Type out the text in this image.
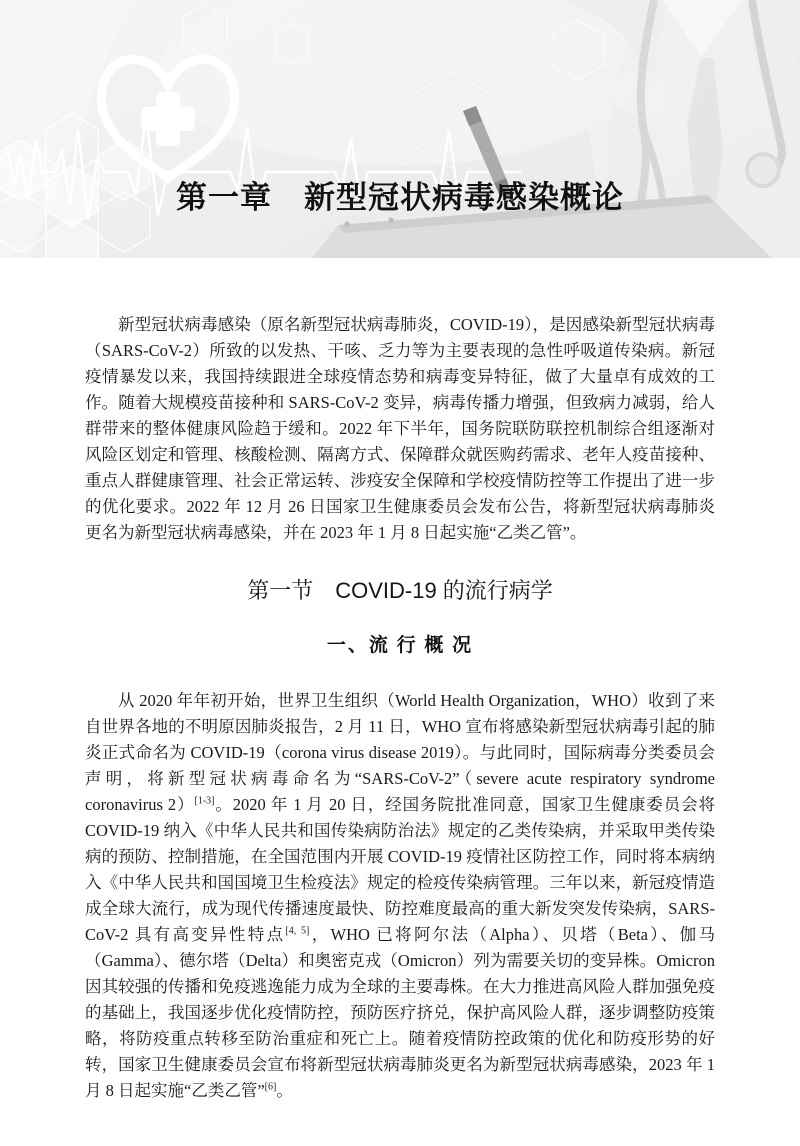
第一章　新型冠状病毒感染概论

新型冠状病毒感染（原名新型冠状病毒肺炎，COVID-19），是因感染新型冠状病毒（SARS-CoV-2）所致的以发热、干咳、乏力等为主要表现的急性呼吸道传染病。新冠疫情暴发以来，我国持续跟进全球疫情态势和病毒变异特征，做了大量卓有成效的工作。随着大规模疫苗接种和 SARS-CoV-2 变异，病毒传播力增强，但致病力减弱，给人群带来的整体健康风险趋于缓和。2022 年下半年，国务院联防联控机制综合组逐渐对风险区划定和管理、核酸检测、隔离方式、保障群众就医购药需求、老年人疫苗接种、重点人群健康管理、社会正常运转、涉疫安全保障和学校疫情防控等工作提出了进一步的优化要求。2022 年 12 月 26 日国家卫生健康委员会发布公告，将新型冠状病毒肺炎更名为新型冠状病毒感染，并在 2023 年 1 月 8 日起实施“乙类乙管”。

第一节　COVID-19 的流行病学
一、流 行 概 况

从 2020 年年初开始，世界卫生组织（World Health Organization，WHO）收到了来自世界各地的不明原因肺炎报告，2 月 11 日，WHO 宣布将感染新型冠状病毒引起的肺炎正式命名为 COVID-19（corona virus disease 2019）。与此同时，国际病毒分类委员会声明，将新型冠状病毒命名为“SARS-CoV-2”（severe acute respiratory syndrome coronavirus 2）[1-3]。2020 年 1 月 20 日，经国务院批准同意，国家卫生健康委员会将 COVID-19 纳入《中华人民共和国传染病防治法》规定的乙类传染病，并采取甲类传染病的预防、控制措施，在全国范围内开展 COVID-19 疫情社区防控工作，同时将本病纳入《中华人民共和国国境卫生检疫法》规定的检疫传染病管理。三年以来，新冠疫情造成全球大流行，成为现代传播速度最快、防控难度最高的重大新发突发传染病，SARS-CoV-2 具有高变异性特点[4, 5]，WHO 已将阿尔法（Alpha）、贝塔（Beta）、伽马（Gamma）、德尔塔（Delta）和奥密克戎（Omicron）列为需要关切的变异株。Omicron 因其较强的传播和免疫逃逸能力成为全球的主要毒株。在大力推进高风险人群加强免疫的基础上，我国逐步优化疫情防控，预防医疗挤兑，保护高风险人群，逐步调整防疫策略，将防疫重点转移至防治重症和死亡上。随着疫情防控政策的优化和防疫形势的好转，国家卫生健康委员会宣布将新型冠状病毒肺炎更名为新型冠状病毒感染，2023 年 1 月 8 日起实施“乙类乙管”[6]。
